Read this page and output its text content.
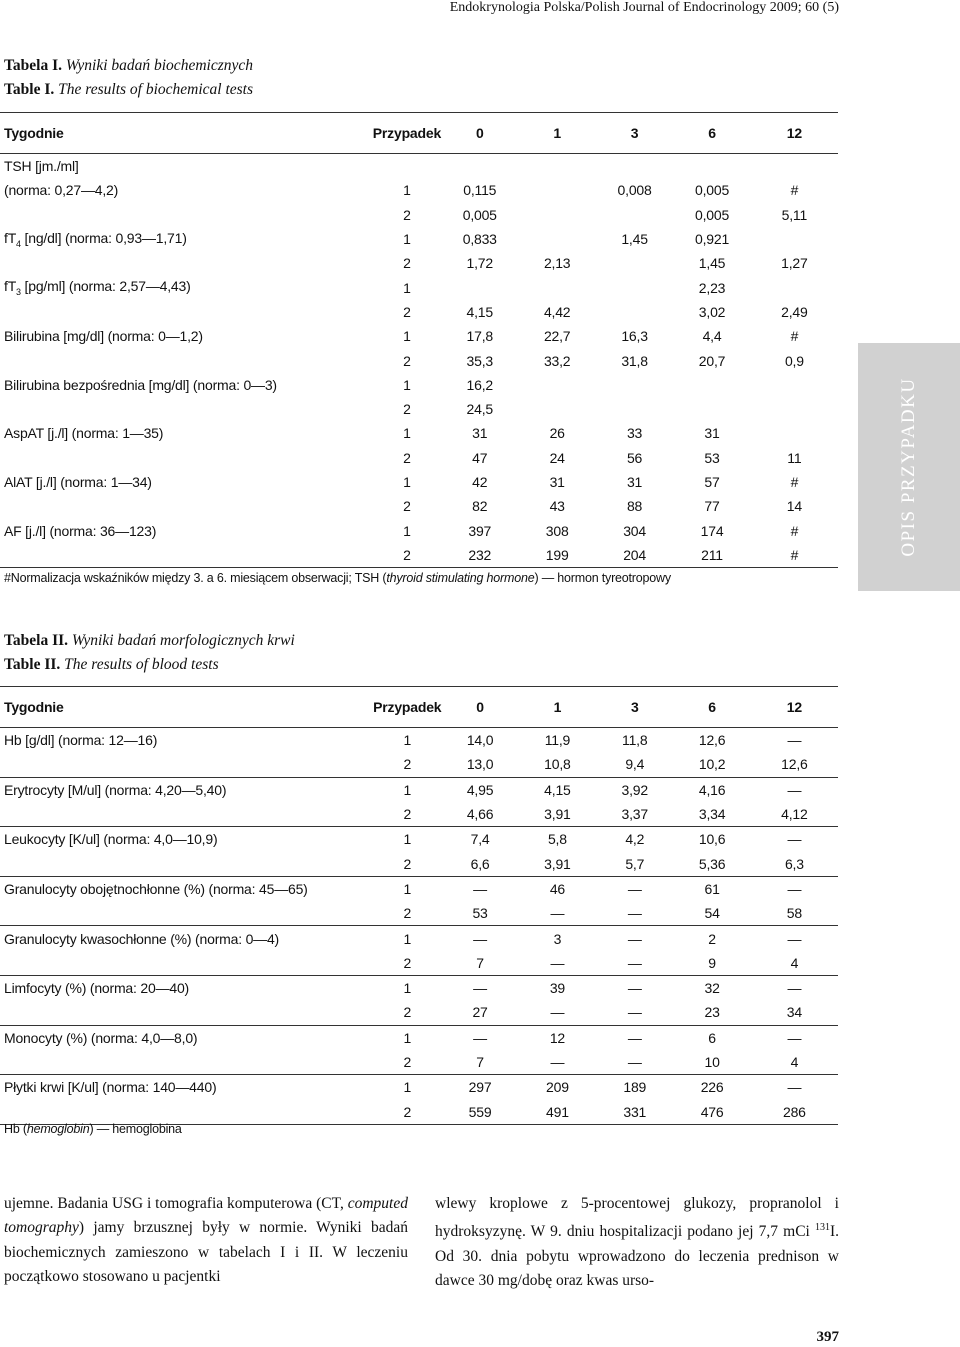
Endokrynologia Polska/Polish Journal of Endocrinology 2009; 60 (5)
OPIS PRZYPADKU
Tabela I. Wyniki badań biochemicznych
Table I. The results of biochemical tests
Tygodnie	Przypadek	0	1	3	6	12
TSH [jm./ml]						
(norma: 0,27—4,2)	1	0,115		0,008	0,005	#
	2	0,005			0,005	5,11
$fT_4$ [ng/dl] (norma: 0,93—1,71)	1	0,833		1,45	0,921	
	2	1,72	2,13		1,45	1,27
$fT_3$ [pg/ml] (norma: 2,57—4,43)	1				2,23	
	2	4,15	4,42		3,02	2,49
Bilirubina [mg/dl] (norma: 0—1,2)	1	17,8	22,7	16,3	4,4	#
	2	35,3	33,2	31,8	20,7	0,9
Bilirubina bezpośrednia [mg/dl] (norma: 0—3)	1	16,2				
	2	24,5				
AspAT [j./l] (norma: 1—35)	1	31	26	33	31	
	2	47	24	56	53	11
AlAT [j./l] (norma: 1—34)	1	42	31	31	57	#
	2	82	43	88	77	14
AF [j./l] (norma: 36—123)	1	397	308	304	174	#
	2	232	199	204	211	#
#Normalizacja wskaźników między 3. a 6. miesiącem obserwacji; TSH (thyroid stimulating hormone) — hormon tyreotropowy
Tabela II. Wyniki badań morfologicznych krwi
Table II. The results of blood tests
Tygodnie	Przypadek	0	1	3	6	12
Hb [g/dl] (norma: 12—16)	1	14,0	11,9	11,8	12,6	—
	2	13,0	10,8	9,4	10,2	12,6
Erytrocyty [M/ul] (norma: 4,20—5,40)	1	4,95	4,15	3,92	4,16	—
	2	4,66	3,91	3,37	3,34	4,12
Leukocyty [K/ul] (norma: 4,0—10,9)	1	7,4	5,8	4,2	10,6	—
	2	6,6	3,91	5,7	5,36	6,3
Granulocyty obojętnochłonne (%) (norma: 45—65)	1	—	46	—	61	—
	2	53	—	—	54	58
Granulocyty kwasochłonne (%) (norma: 0—4)	1	—	3	—	2	—
	2	7	—	—	9	4
Limfocyty (%) (norma: 20—40)	1	—	39	—	32	—
	2	27	—	—	23	34
Monocyty (%) (norma: 4,0—8,0)	1	—	12	—	6	—
	2	7	—	—	10	4
Płytki krwi [K/ul] (norma: 140—440)	1	297	209	189	226	—
	2	559	491	331	476	286
Hb (hemoglobin) — hemoglobina

ujemne. Badania USG i tomografia komputerowa (CT, computed tomography) jamy brzusznej były w normie. Wyniki badań biochemicznych zamieszono w tabelach I i II. W leczeniu początkowo stosowano u pacjentki

wlewy kroplowe z 5-procentowej glukozy, propranolol i hydroksyzynę. W 9. dniu hospitalizacji podano jej 7,7 mCi $^{131}$I. Od 30. dnia pobytu wprowadzono do leczenia prednison w dawce 30 mg/dobę oraz kwas urso-

397
